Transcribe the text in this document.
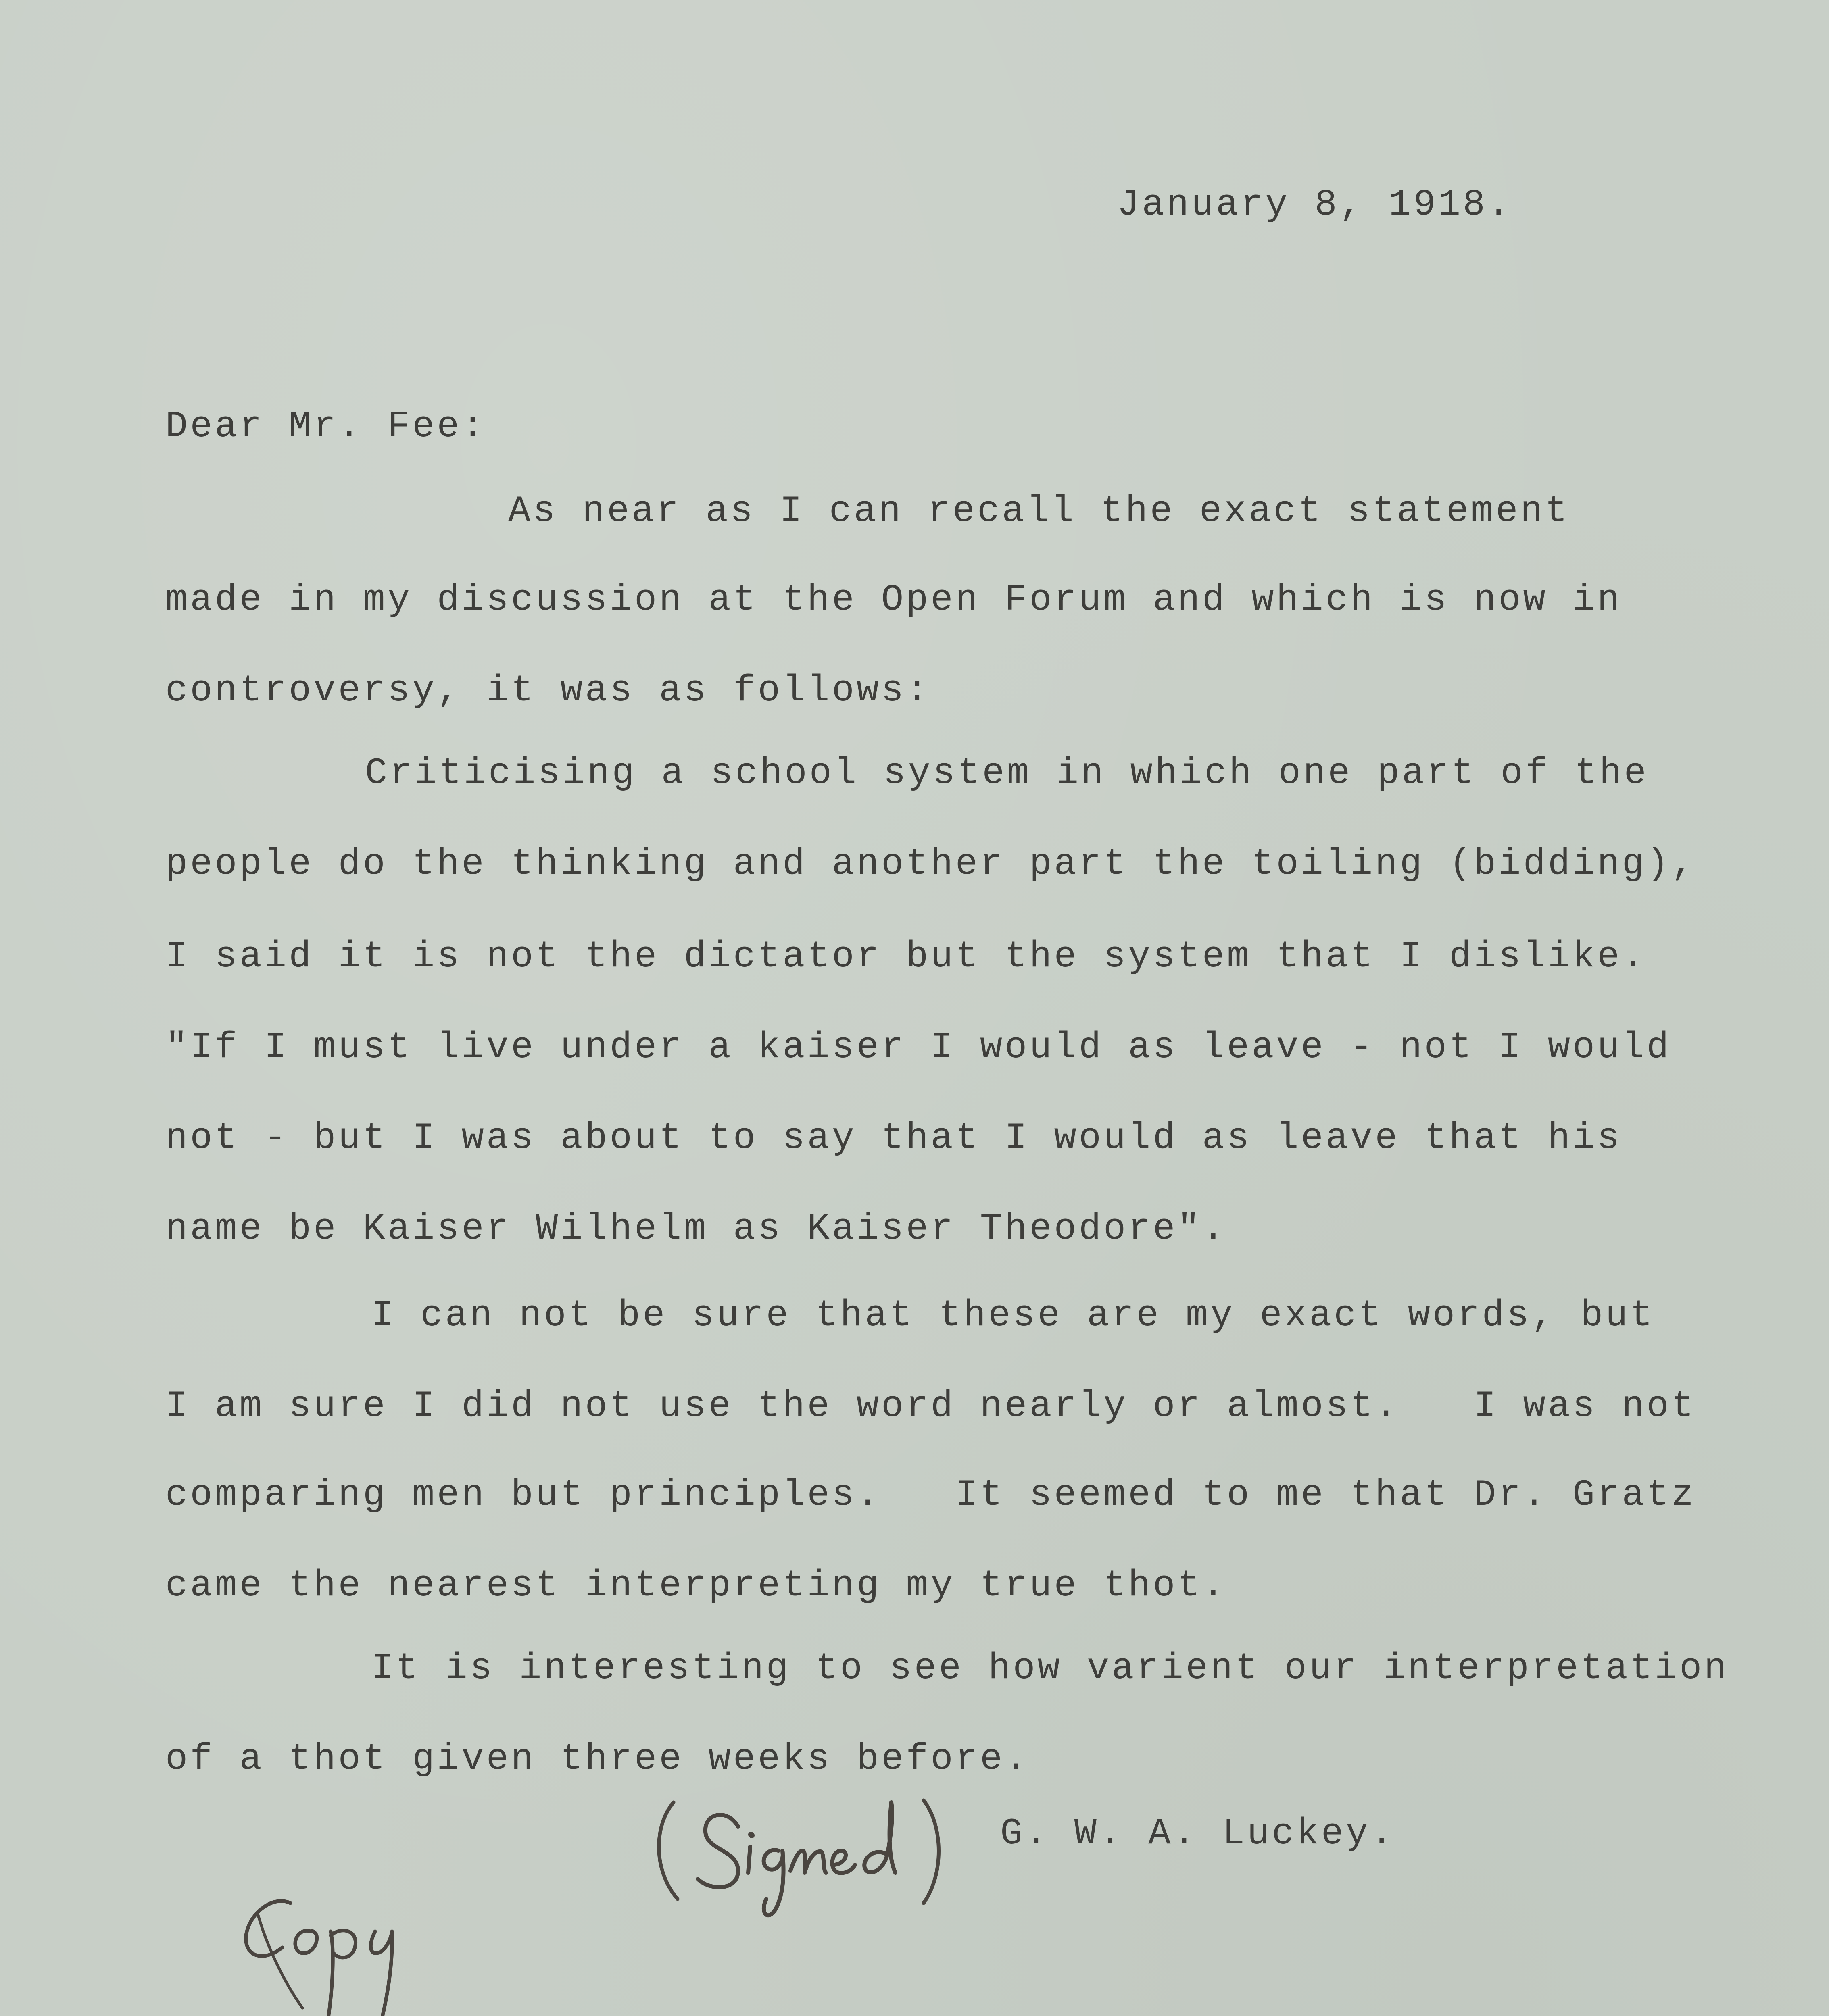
January 8, 1918.

Dear Mr. Fee:

As near as I can recall the exact statement
made in my discussion at the Open Forum and which is now in
controversy, it was as follows:
Criticising a school system in which one part of the
people do the thinking and another part the toiling (bidding),
I said it is not the dictator but the system that I dislike.
"If I must live under a kaiser I would as leave - not I would
not - but I was about to say that I would as leave that his
name be Kaiser Wilhelm as Kaiser Theodore".
I can not be sure that these are my exact words, but
I am sure I did not use the word nearly or almost.   I was not
comparing men but principles.   It seemed to me that Dr. Gratz
came the nearest interpreting my true thot.
It is interesting to see how varient our interpretation
of a thot given three weeks before.

G. W. A. Luckey.
